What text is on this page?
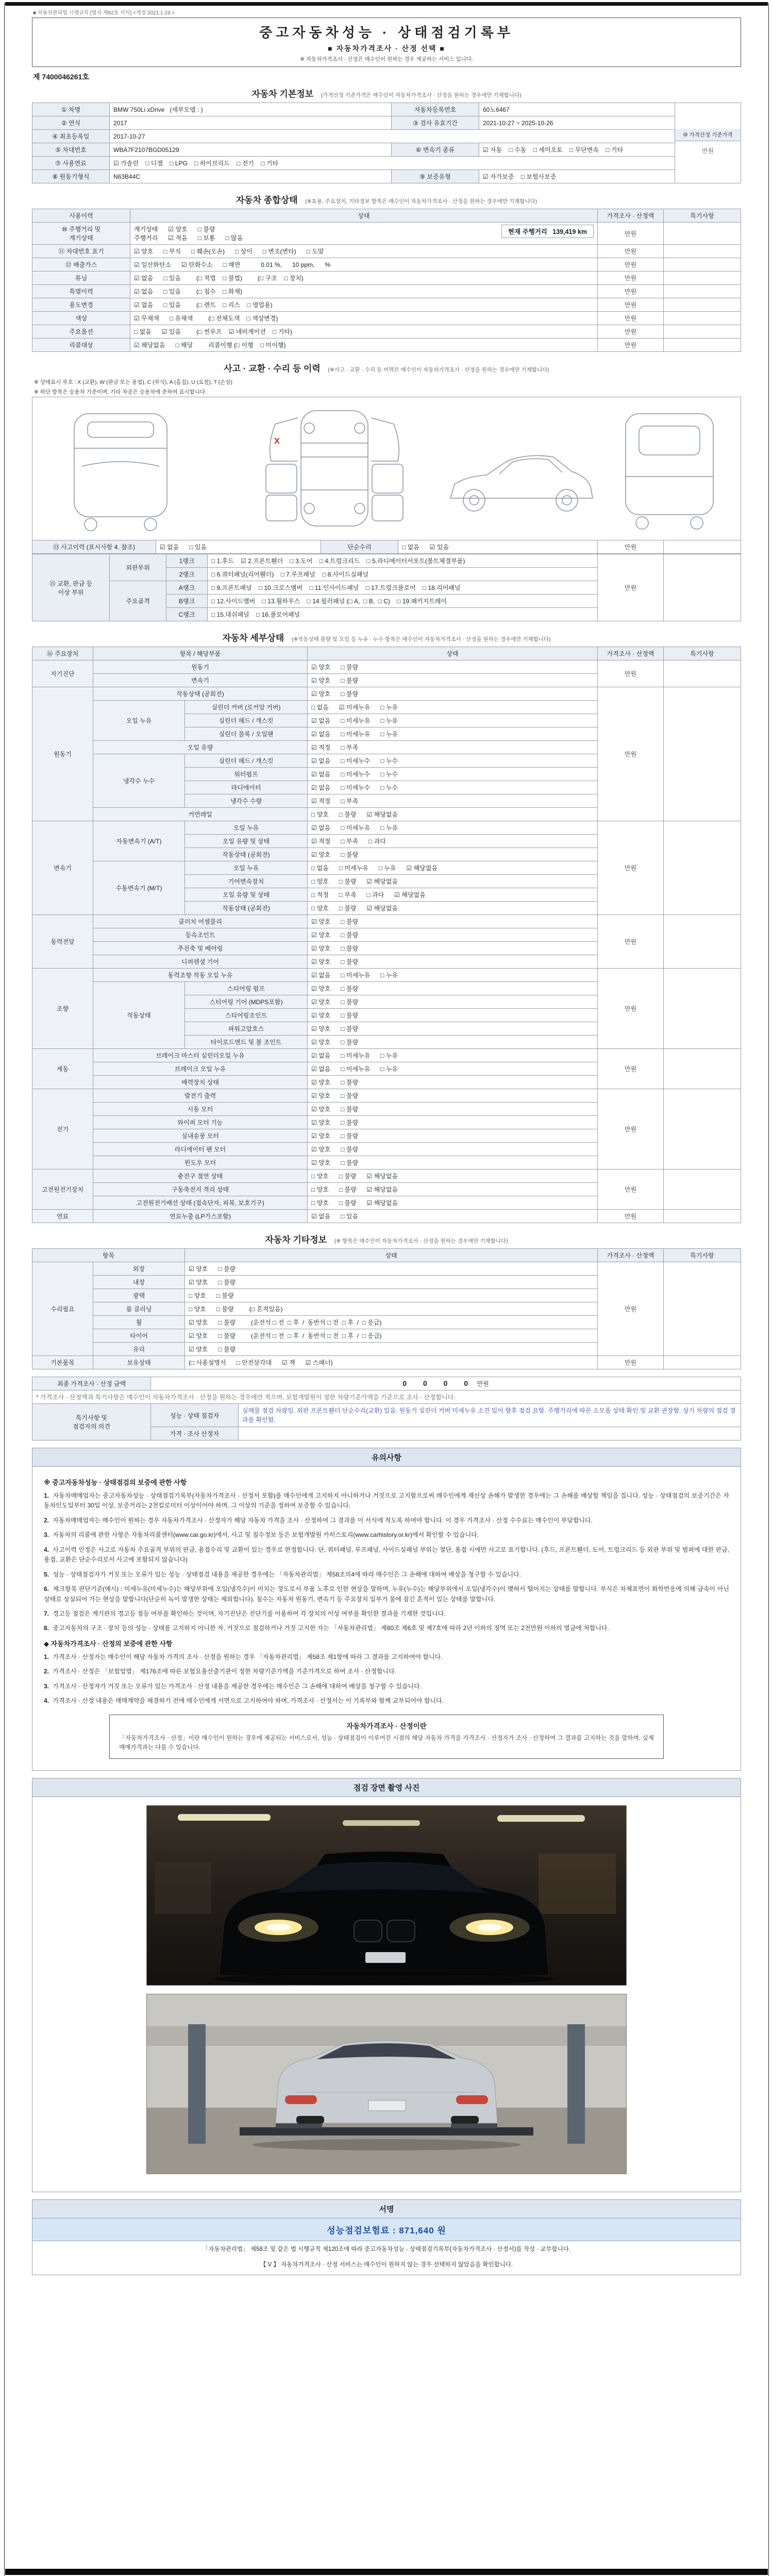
■ 자동차관리법 시행규칙 [별지 제82호 서식] <개정 2021.1.19.>
중고자동차성능 · 상태점검기록부
■ 자동차가격조사 · 산정 선택 ■
※ 자동차가격조사 · 산정은 매수인이 원하는 경우 제공하는 서비스 입니다.
제 7400046261호
자동차 기본정보 (가격산정 기준가격은 매수인이 자동차가격조사 · 산정을 원하는 경우에만 기재합니다)
① 차명	BMW 750Li xDrive   (세부모델 : )	자동차등록번호	60노6467	⑩ 가격산정 기준가격
만원

② 연식	2017	③ 검사 유효기간	2021-10-27 ~ 2025-10-26	
④ 최초등록일	2017-10-27			
⑤ 차대번호	WBA7F2107BGD05129	⑥ 변속기 종류	☑ 자동    □ 수동    □ 세미오토    □ 무단변속    □ 기타	
⑦ 사용연료	☑ 가솔린    □ 디젤    □ LPG    □ 하이브리드    □ 전기    □ 기타			
⑧ 원동기형식	N63B44C	⑨ 보증유형	☑ 자가보증    □ 보험사보증	
자동차 종합상태 (※효용, 주요장치, 기타정보 항목은 매수인이 자동차가격조사 · 산정을 원하는 경우에만 기재합니다)
사용이력	상태	가격조사 · 산정액	특기사항
⑩ 주행거리 및
계기상태	현재 주행거리   139,419 km
계기상태      ☑ 양호      □ 불량
주행거리      ☑ 적음      □ 보통      □ 많음	만원	
⑪ 차대번호 표기	☑ 양호      □ 부식      □ 훼손(오손)      □ 상이      □ 변조(변타)      □ 도말	만원	
⑫ 배출가스	☑ 일산화탄소      ☑ 탄화수소      □ 매연            0.01 %,      10 ppm,      %	만원	
튜닝	☑ 없음      □ 있음         (□ 적법    □ 불법)         (□ 구조    □ 장치)	만원	
특별이력	☑ 없음      □ 있음         (□ 침수    □ 화재)	만원	
용도변경	☑ 없음      □ 있음         (□ 렌트    □ 리스    □ 영업용)	만원	
색상	☑ 무채색      □ 유채색         (□ 전체도색    □ 색상변경)	만원	
주요옵션	□ 없음      ☑ 있음         (□ 썬루프    ☑ 네비게이션    □ 기타)	만원	
리콜대상	☑ 해당없음      □ 해당         리콜이행 (□ 이행    □ 미이행)	만원	
사고 · 교환 · 수리 등 이력 (※사고 · 교환 · 수리 등 이력은 매수인이 자동차가격조사 · 산정을 원하는 경우에만 기재합니다)
※ 상태표시 부호 : X (교환), W (판금 또는 용접), C (부식), A (흠집), U (요철), T (손상)
※ 하단 항목은 승용차 기준이며, 기타 차종은 승용차에 준하여 표시합니다.
X
⑬ 사고이력 (표시사항 4. 참조)	☑ 없음      □ 있음	단순수리	□ 없음      ☑ 있음	만원	
⑮ 교환, 판금 등
이상 부위	외판부위	1랭크	□ 1.후드    ☑ 2.프론트휀더    □ 3.도어    □ 4.트렁크리드    □ 5.라디에이터서포트(볼트체결부품)	만원	
		2랭크	□ 6.쿼터패널(리어휀더)    □ 7.루프패널    □ 8.사이드실패널		
	주요골격	A랭크	□ 9.프론트패널    □ 10.크로스멤버    □ 11.인사이드패널    □ 17.트렁크플로어    □ 18.리어패널		
		B랭크	□ 12.사이드멤버    □ 13.휠하우스    □ 14.필러패널 (□ A,  □ B,  □ C)    □ 19.패키지트레이		
		C랭크	□ 15.대쉬패널    □ 16.플로어패널		
자동차 세부상태 (※작동상태 불량 및 오일 등 누유 · 누수 항목은 매수인이 자동차가격조사 · 산정을 원하는 경우에만 기재합니다)
⑯ 주요장치	항목 / 해당부품		상태	가격조사 · 산정액	특기사항
자기진단	원동기		☑ 양호      □ 불량	만원	
	변속기		☑ 양호      □ 불량		
원동기	작동상태 (공회전)		☑ 양호      □ 불량	만원	
	오일 누유	실린더 커버 (로커암 커버)	□ 없음      ☑ 미세누유      □ 누유		
		실린더 헤드 / 개스킷	☑ 없음      □ 미세누유      □ 누유		
		실린더 블록 / 오일팬	☑ 없음      □ 미세누유      □ 누유		
	오일 유량		☑ 적정      □ 부족		
	냉각수 누수	실린더 헤드 / 개스킷	☑ 없음      □ 미세누수      □ 누수		
		워터펌프	☑ 없음      □ 미세누수      □ 누수		
		라디에이터	☑ 없음      □ 미세누수      □ 누수		
		냉각수 수량	☑ 적정      □ 부족		
	커먼레일		□ 양호      □ 불량      ☑ 해당없음		
변속기	자동변속기 (A/T)	오일 누유	☑ 없음      □ 미세누유      □ 누유	만원	
		오일 유량 및 상태	☑ 적정      □ 부족      □ 과다		
		작동상태 (공회전)	☑ 양호      □ 불량		
	수동변속기 (M/T)	오일 누유	□ 없음      □ 미세누유      □ 누유      ☑ 해당없음		
		기어변속장치	□ 양호      □ 불량      ☑ 해당없음		
		오일 유량 및 상태	□ 적정      □ 부족      □ 과다      ☑ 해당없음		
		작동상태 (공회전)	□ 양호      □ 불량      ☑ 해당없음		
동력전달	클러치 어셈블리		☑ 양호      □ 불량	만원	
	등속조인트		☑ 양호      □ 불량		
	추진축 및 베어링		☑ 양호      □ 불량		
	디퍼렌셜 기어		☑ 양호      □ 불량		
조향	동력조향 작동 오일 누유		☑ 없음      □ 미세누유      □ 누유	만원	
	작동상태	스티어링 펌프	☑ 양호      □ 불량		
		스티어링 기어 (MDPS포함)	☑ 양호      □ 불량		
		스티어링조인트	☑ 양호      □ 불량		
		파워고압호스	☑ 양호      □ 불량		
		타이로드엔드 및 볼 조인트	☑ 양호      □ 불량		
제동	브레이크 마스터 실린더오일 누유		☑ 없음      □ 미세누유      □ 누유	만원	
	브레이크 오일 누유		☑ 없음      □ 미세누유      □ 누유		
	배력장치 상태		☑ 양호      □ 불량		
전기	발전기 출력		☑ 양호      □ 불량	만원	
	시동 모터		☑ 양호      □ 불량		
	와이퍼 모터 기능		☑ 양호      □ 불량		
	실내송풍 모터		☑ 양호      □ 불량		
	라디에이터 팬 모터		☑ 양호      □ 불량		
	윈도우 모터		☑ 양호      □ 불량		
고전원전기장치	충전구 절연 상태		□ 양호      □ 불량      ☑ 해당없음	만원	
	구동축전지 격리 상태		□ 양호      □ 불량      ☑ 해당없음		
	고전원전기배선 상태 (접속단자, 피복, 보호기구)		□ 양호      □ 불량      ☑ 해당없음		
연료	연료누출 (LP가스포함)		☑ 없음      □ 있음	만원	
자동차 기타정보 (※ 항목은 매수인이 자동차가격조사 · 산정을 원하는 경우에만 기재합니다)
항목		상태	가격조사 · 산정액	특기사항
수리필요	외장	☑ 양호      □ 불량	만원	
	내장	☑ 양호      □ 불량		
	광택	□ 양호      □ 불량		
	룸 클리닝	□ 양호      □ 불량         (□ 흔적있음)		
	휠	☑ 양호      □ 불량         (운전석 □ 전  □ 후  /  동반석 □ 전  □ 후  /  □ 응급)		
	타이어	☑ 양호      □ 불량         (운전석 □ 전  □ 후  /  동반석 □ 전  □ 후  /  □ 응급)		
	유리	☑ 양호      □ 불량		
기본품목	보유상태	(□ 사용설명서      □ 안전삼각대      ☑ 잭      ☑ 스패너)	만원	
최종 가격조사 · 산정 금액	0 0 0 0 만원	
* 가격조사 · 산정액과 특기사항은 매수인이 자동차가격조사 · 산정을 원하는 경우에만 적으며, 보험개발원이 정한 차량기준가액을 기준으로 조사 · 산정합니다.		
특기사항 및
점검자의 의견	성능 · 상태 점검자	실매물 점검 차량임. 외판 프론트휀더 단순수리(교환) 있음. 원동기 실린더 커버 미세누유 소견 있어 향후 점검 요함. 주행거리에 따른 소모품 상태 확인 및 교환 권장함. 상기 차량의 점검 결과를 확인함.
	가격 · 조사 산정자	
유의사항
※ 중고자동차성능 · 상태점검의 보증에 관한 사항
1. 자동차매매업자는 중고자동차성능 · 상태점검기록부(자동차가격조사 · 산정서 포함)를 매수인에게 고지하지 아니하거나 거짓으로 고지함으로써 매수인에게 재산상 손해가 발생한 경우에는 그 손해를 배상할 책임을 집니다. 성능 · 상태점검의 보증기간은 자동차인도일부터 30일 이상, 보증거리는 2천킬로미터 이상이어야 하며, 그 이상의 기준을 정하여 보증할 수 있습니다.
2. 자동차매매업자는 매수인이 원하는 경우 자동차가격조사 · 산정자가 해당 자동차 가격을 조사 · 산정하여 그 결과를 이 서식에 적도록 하여야 합니다. 이 경우 가격조사 · 산정 수수료는 매수인이 부담합니다.
3. 자동차의 리콜에 관한 사항은 자동차리콜센터(www.car.go.kr)에서, 사고 및 침수정보 등은 보험개발원 카히스토리(www.carhistory.or.kr)에서 확인할 수 있습니다.
4. 사고이력 인정은 사고로 자동차 주요골격 부위의 판금, 용접수리 및 교환이 있는 경우로 한정합니다. 단, 쿼터패널, 루프패널, 사이드실패널 부위는 절단, 용접 시에만 사고로 표기합니다. (후드, 프론트휀더, 도어, 트렁크리드 등 외판 부위 및 범퍼에 대한 판금, 용접, 교환은 단순수리로서 사고에 포함되지 않습니다)
5. 성능 · 상태점검자가 거짓 또는 오류가 있는 성능 · 상태점검 내용을 제공한 경우에는 「자동차관리법」 제58조의4에 따라 매수인은 그 손해에 대하여 배상을 청구할 수 있습니다.
6. 체크항목 판단기준(예시) : 미세누유(미세누수)는 해당부위에 오일(냉각수)이 비치는 정도로서 부품 노후로 인한 현상을 말하며, 누유(누수)는 해당부위에서 오일(냉각수)이 맺혀서 떨어지는 상태를 말합니다. 부식은 차체표면이 화학반응에 의해 금속이 아닌 상태로 상실되어 가는 현상을 말합니다(단순히 녹이 발생한 상태는 제외합니다). 침수는 자동차 원동기, 변속기 등 주요장치 일부가 물에 잠긴 흔적이 있는 상태를 말합니다.
7. 경고등 점검은 계기판의 경고등 점등 여부를 확인하는 것이며, 자기진단은 진단기를 이용하여 각 장치의 이상 여부를 확인한 결과를 기재한 것입니다.
8. 중고자동차의 구조 · 장치 등의 성능 · 상태를 고지하지 아니한 자, 거짓으로 점검하거나 거짓 고지한 자는 「자동차관리법」 제80조 제6호 및 제7호에 따라 2년 이하의 징역 또는 2천만원 이하의 벌금에 처합니다.
◆ 자동차가격조사 · 산정의 보증에 관한 사항
1. 가격조사 · 산정자는 매수인이 해당 자동차 가격의 조사 · 산정을 원하는 경우 「자동차관리법」 제58조 제1항에 따라 그 결과를 고지하여야 합니다.
2. 가격조사 · 산정은 「보험업법」 제176조에 따른 보험요율산출기관이 정한 차량기준가액을 기준가격으로 하여 조사 · 산정합니다.
3. 가격조사 · 산정자가 거짓 또는 오류가 있는 가격조사 · 산정 내용을 제공한 경우에는 매수인은 그 손해에 대하여 배상을 청구할 수 있습니다.
4. 가격조사 · 산정 내용은 매매계약을 체결하기 전에 매수인에게 서면으로 고지하여야 하며, 가격조사 · 산정서는 이 기록부와 함께 교부되어야 합니다.
자동차가격조사 · 산정이란
「자동차가격조사 · 산정」이란 매수인이 원하는 경우에 제공되는 서비스로서, 성능 · 상태점검이 이루어진 시점의 해당 자동차 가격을 가격조사 · 산정자가 조사 · 산정하여 그 결과를 고지하는 것을 말하며, 실제 매매가격과는 다를 수 있습니다.
점검 장면 촬영 사진
서명
성능점검보험료 : 871,640 원
「자동차관리법」 제58조 및 같은 법 시행규칙 제120조에 따라 중고자동차성능 · 상태점검기록부(자동차가격조사 · 산정서)를 작성 · 교부합니다.
【 V 】 자동차가격조사 · 산정 서비스는 매수인이 원하지 않는 경우 선택하지 않았음을 확인합니다.
